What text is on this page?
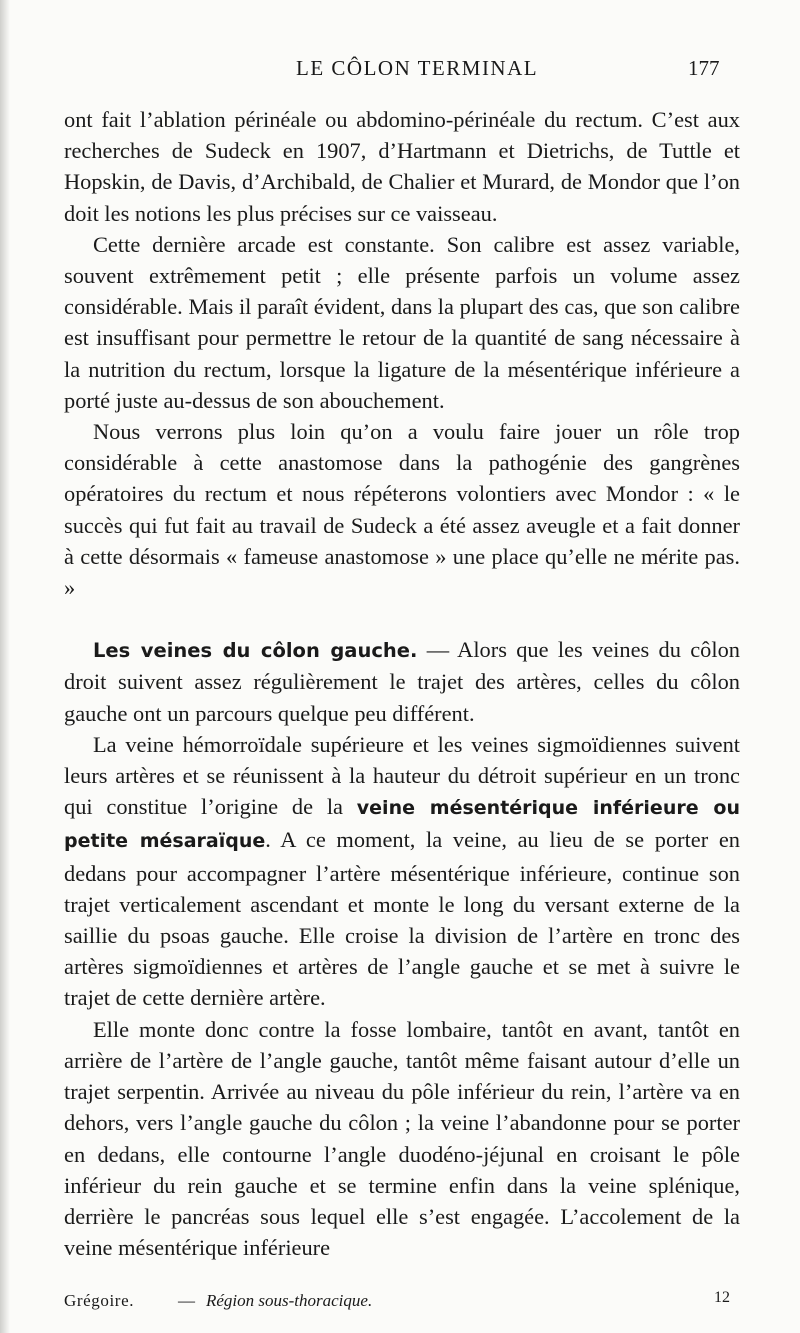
LE CÔLON TERMINAL	177

ont fait l’ablation périnéale ou abdomino-périnéale du rectum. C’est aux recherches de Sudeck en 1907, d’Hartmann et Dietrichs, de Tuttle et Hopskin, de Davis, d’Archibald, de Chalier et Murard, de Mondor que l’on doit les notions les plus précises sur ce vaisseau.

Cette dernière arcade est constante. Son calibre est assez variable, souvent extrêmement petit ; elle présente parfois un volume assez considérable. Mais il paraît évident, dans la plupart des cas, que son calibre est insuffisant pour permettre le retour de la quantité de sang nécessaire à la nutrition du rectum, lorsque la ligature de la mésentérique inférieure a porté juste au-dessus de son abouchement.

Nous verrons plus loin qu’on a voulu faire jouer un rôle trop considérable à cette anastomose dans la pathogénie des gangrènes opératoires du rectum et nous répéterons volontiers avec Mondor : « le succès qui fut fait au travail de Sudeck a été assez aveugle et a fait donner à cette désormais « fameuse anastomose » une place qu’elle ne mérite pas. »

Les veines du côlon gauche. — Alors que les veines du côlon droit suivent assez régulièrement le trajet des artères, celles du côlon gauche ont un parcours quelque peu différent.

La veine hémorroïdale supérieure et les veines sigmoïdiennes suivent leurs artères et se réunissent à la hauteur du détroit supérieur en un tronc qui constitue l’origine de la veine mésentérique inférieure ou petite mésaraïque. A ce moment, la veine, au lieu de se porter en dedans pour accompagner l’artère mésentérique inférieure, continue son trajet verticalement ascendant et monte le long du versant externe de la saillie du psoas gauche. Elle croise la division de l’artère en tronc des artères sigmoïdiennes et artères de l’angle gauche et se met à suivre le trajet de cette dernière artère.

Elle monte donc contre la fosse lombaire, tantôt en avant, tantôt en arrière de l’artère de l’angle gauche, tantôt même faisant autour d’elle un trajet serpentin. Arrivée au niveau du pôle inférieur du rein, l’artère va en dehors, vers l’angle gauche du côlon ; la veine l’abandonne pour se porter en dedans, elle contourne l’angle duodéno-jéjunal en croisant le pôle inférieur du rein gauche et se termine enfin dans la veine splénique, derrière le pancréas sous lequel elle s’est engagée. L’accolement de la veine mésentérique inférieure

Grégoire.	— Région sous-thoracique.	12
